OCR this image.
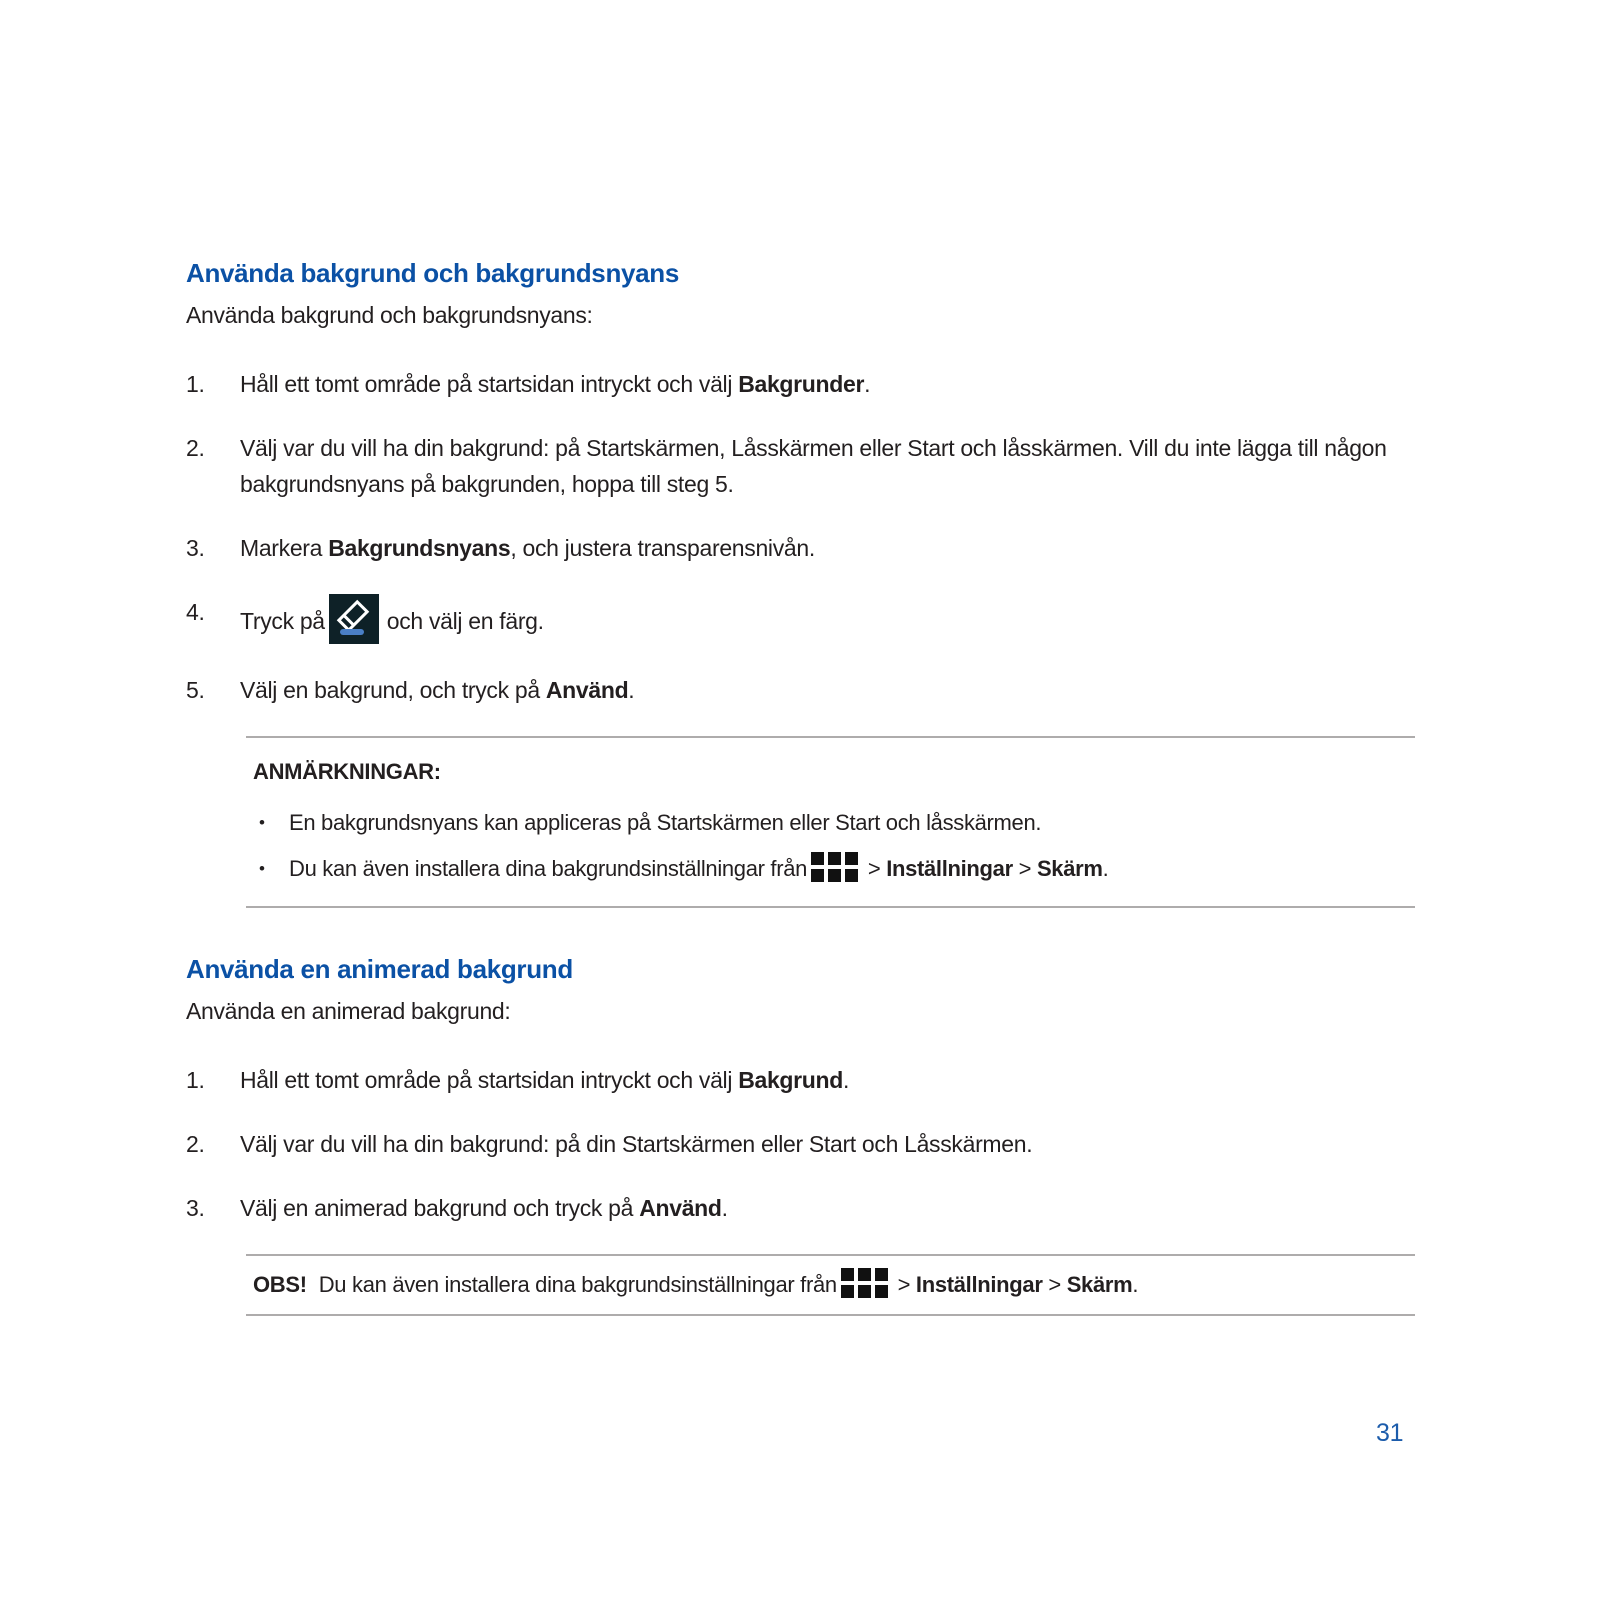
Använda bakgrund och bakgrundsnyans

Använda bakgrund och bakgrundsnyans:

1.	Håll ett tomt område på startsidan intryckt och välj Bakgrunder.
2.	Välj var du vill ha din bakgrund: på Startskärmen, Låsskärmen eller Start och låsskärmen. Vill du inte lägga till någon bakgrundsnyans på bakgrunden, hoppa till steg 5.
3.	Markera Bakgrundsnyans, och justera transparensnivån.
4.	Tryck på	och välj en färg.
5.	Välj en bakgrund, och tryck på Använd.
ANMÄRKNINGAR:
•	En bakgrundsnyans kan appliceras på Startskärmen eller Start och låsskärmen.
•	Du kan även installera dina bakgrundsinställningar från	> Inställningar > Skärm.
Använda en animerad bakgrund

Använda en animerad bakgrund:

1.	Håll ett tomt område på startsidan intryckt och välj Bakgrund.
2.	Välj var du vill ha din bakgrund: på din Startskärmen eller Start och Låsskärmen.
3.	Välj en animerad bakgrund och tryck på Använd.
OBS! Du kan även installera dina bakgrundsinställningar från	> Inställningar > Skärm.
31
